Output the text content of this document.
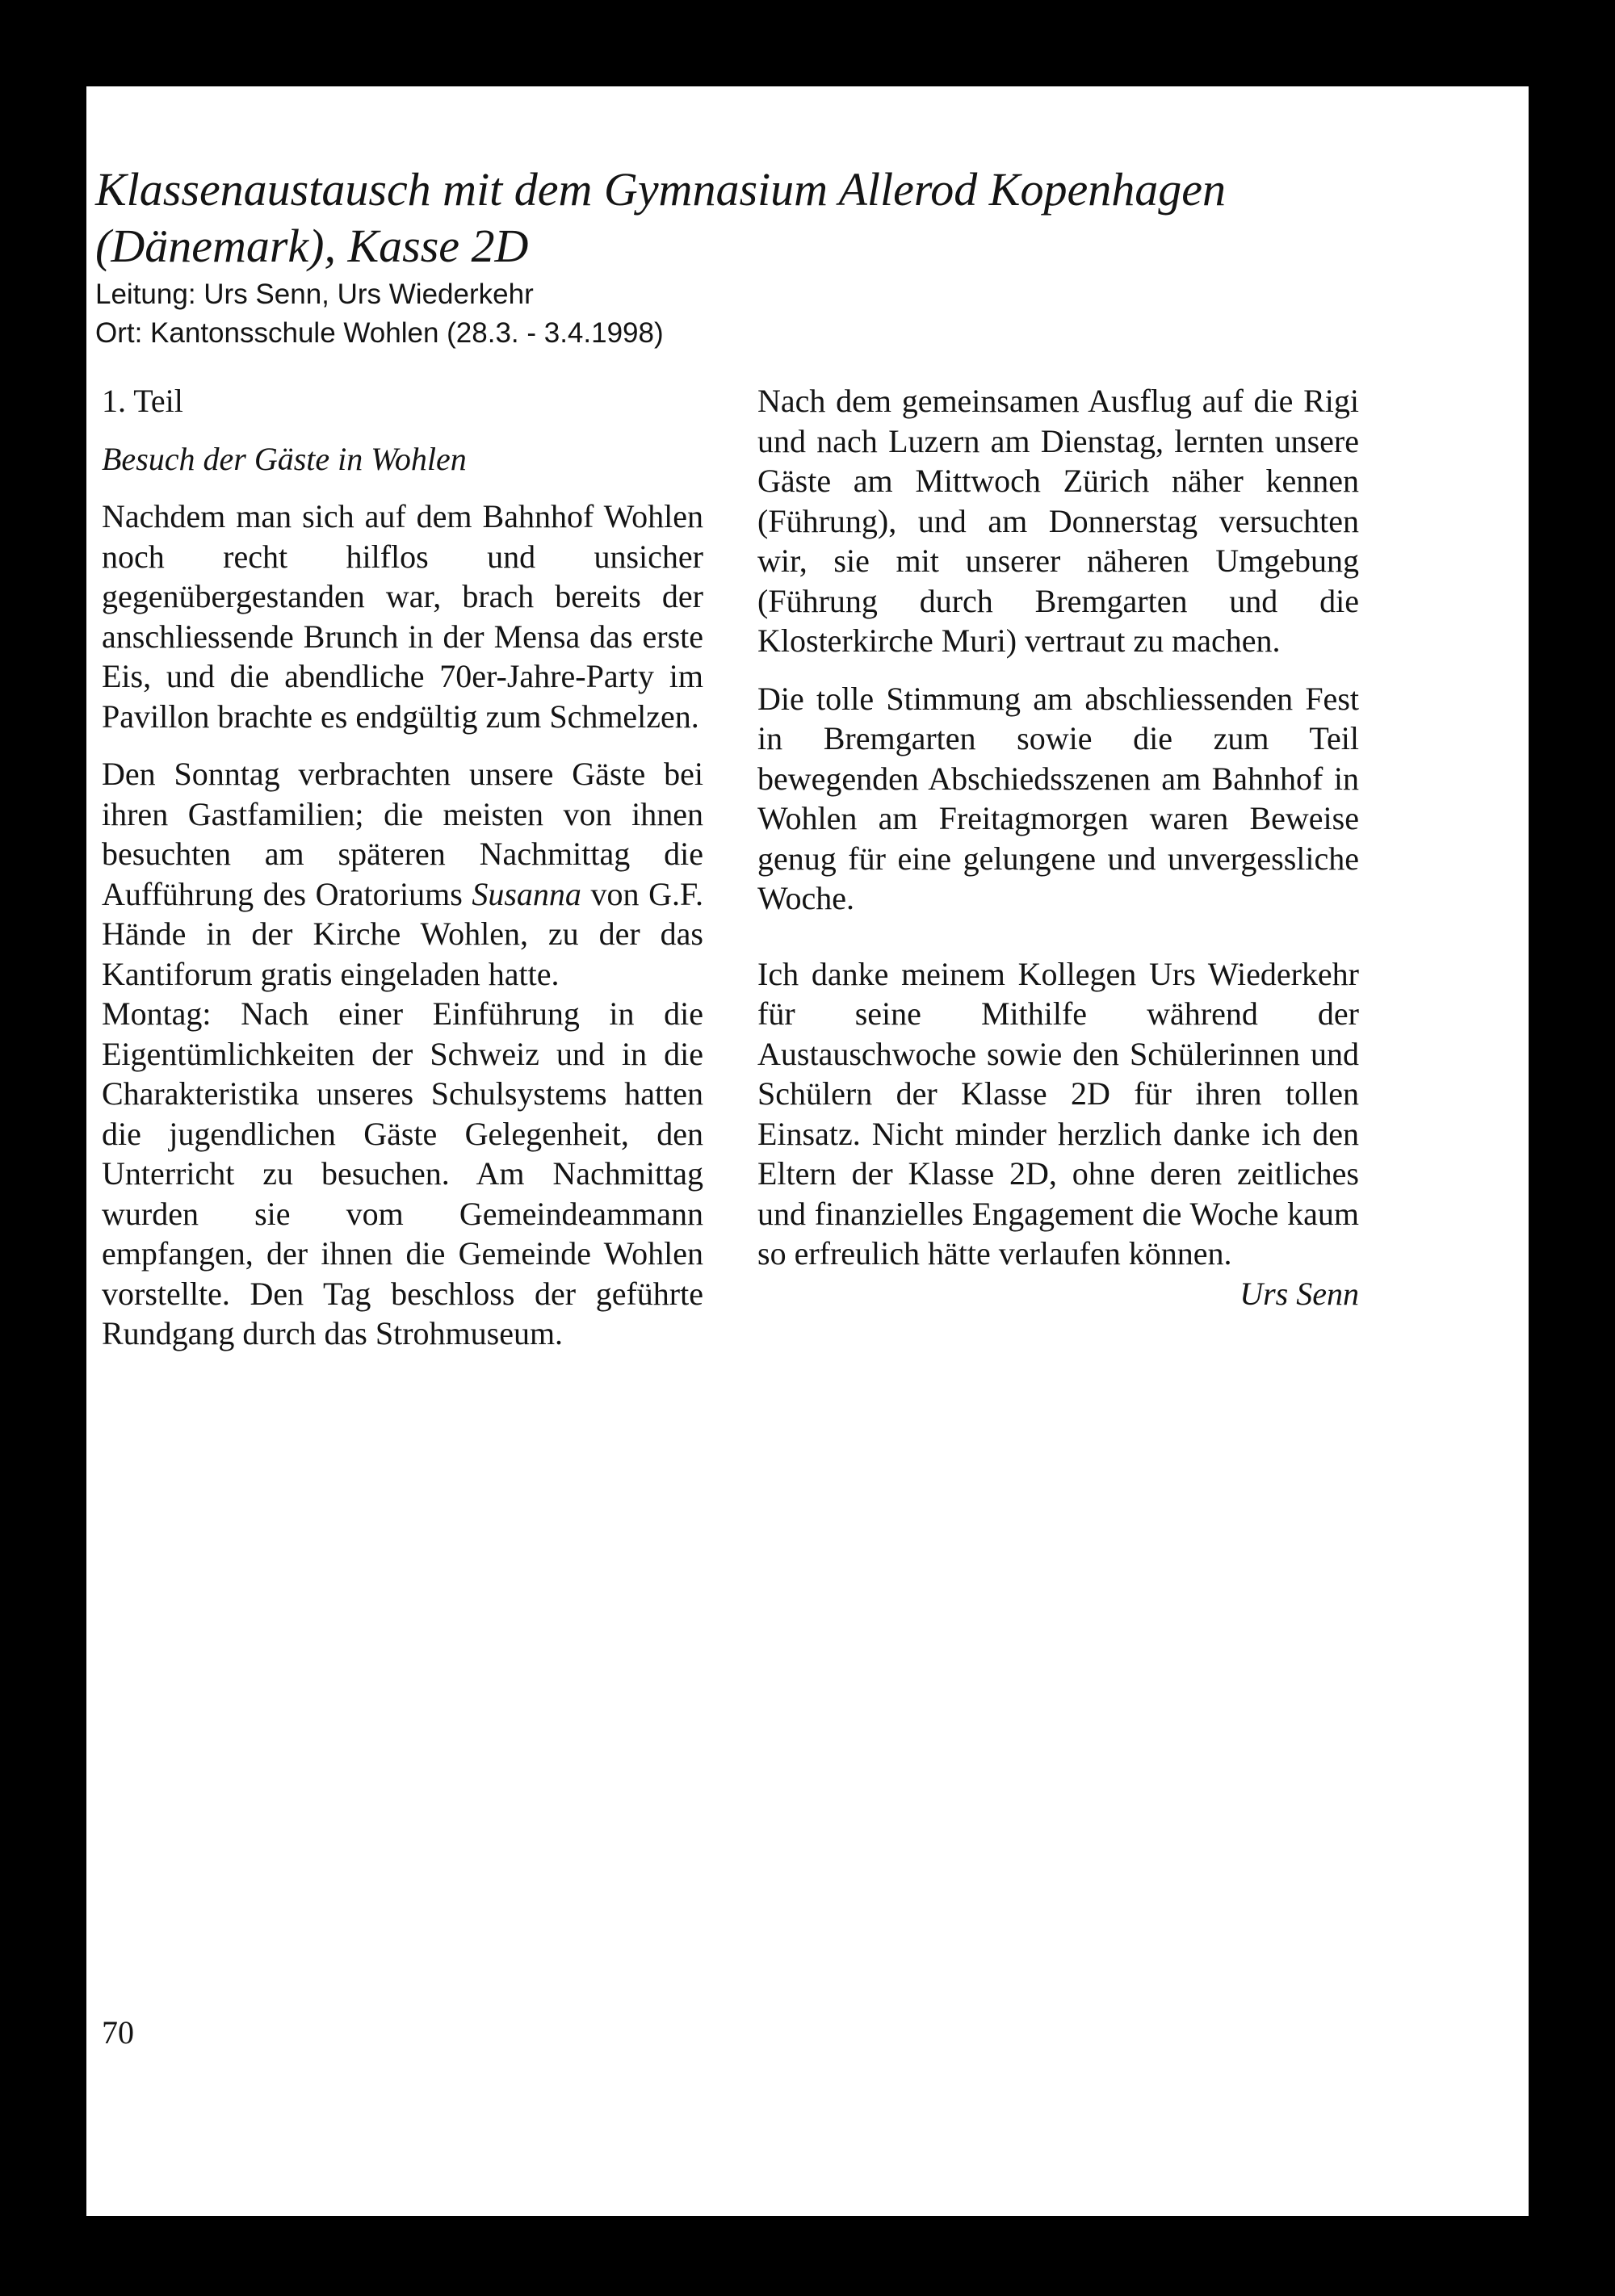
Klassenaustausch mit dem Gymnasium Allerod Kopenhagen
(Dänemark), Kasse 2D
Leitung: Urs Senn, Urs Wiederkehr
Ort: Kantonsschule Wohlen (28.3. - 3.4.1998)

1. Teil

Besuch der Gäste in Wohlen

Nachdem man sich auf dem Bahnhof Wohlen noch recht hilflos und unsicher gegenübergestanden war, brach bereits der anschliessende Brunch in der Mensa das erste Eis, und die abendliche 70er-Jahre-Party im Pavillon brachte es endgültig zum Schmelzen.

Den Sonntag verbrachten unsere Gäste bei ihren Gastfamilien; die meisten von ihnen besuchten am späteren Nachmittag die Aufführung des Oratoriums Susanna von G.F. Hände in der Kirche Wohlen, zu der das Kantiforum gratis eingeladen hatte.

Montag: Nach einer Einführung in die Eigentümlichkeiten der Schweiz und in die Charakteristika unseres Schulsystems hatten die jugendlichen Gäste Gelegenheit, den Unterricht zu besuchen. Am Nachmittag wurden sie vom Gemeindeammann empfangen, der ihnen die Gemeinde Wohlen vorstellte. Den Tag beschloss der geführte Rundgang durch das Strohmuseum.

Nach dem gemeinsamen Ausflug auf die Rigi und nach Luzern am Dienstag, lernten unsere Gäste am Mittwoch Zürich näher kennen (Führung), und am Donnerstag versuchten wir, sie mit unserer näheren Umgebung (Führung durch Bremgarten und die Klosterkirche Muri) vertraut zu machen.

Die tolle Stimmung am abschliessenden Fest in Bremgarten sowie die zum Teil bewegenden Abschiedsszenen am Bahnhof in Wohlen am Freitagmorgen waren Beweise genug für eine gelungene und unvergessliche Woche.

Ich danke meinem Kollegen Urs Wiederkehr für seine Mithilfe während der Austauschwoche sowie den Schülerinnen und Schülern der Klasse 2D für ihren tollen Einsatz. Nicht minder herzlich danke ich den Eltern der Klasse 2D, ohne deren zeitliches und finanzielles Engagement die Woche kaum so erfreulich hätte verlaufen können.

Urs Senn

70
